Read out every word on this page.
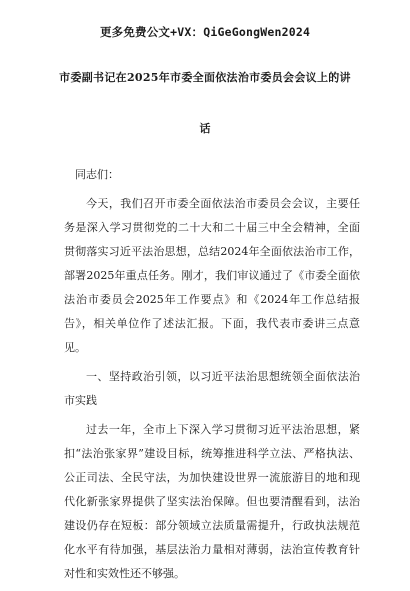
更多免费公文+VX：QiGeGongWen2024
市委副书记在2025年市委全面依法治市委员会会议上的讲
话

同志们：

今天，我们召开市委全面依法治市委员会会议，主要任务是深入学习贯彻党的二十大和二十届三中全会精神，全面贯彻落实习近平法治思想，总结2024年全面依法治市工作，部署2025年重点任务。刚才，我们审议通过了《市委全面依法治市委员会2025年工作要点》和《2024年工作总结报告》，相关单位作了述法汇报。下面，我代表市委讲三点意见。

一、坚持政治引领，以习近平法治思想统领全面依法治市实践

过去一年，全市上下深入学习贯彻习近平法治思想，紧扣“法治张家界”建设目标，统筹推进科学立法、严格执法、公正司法、全民守法，为加快建设世界一流旅游目的地和现代化新张家界提供了坚实法治保障。但也要清醒看到，法治建设仍存在短板：部分领域立法质量需提升，行政执法规范化水平有待加强，基层法治力量相对薄弱，法治宣传教育针对性和实效性还不够强。
